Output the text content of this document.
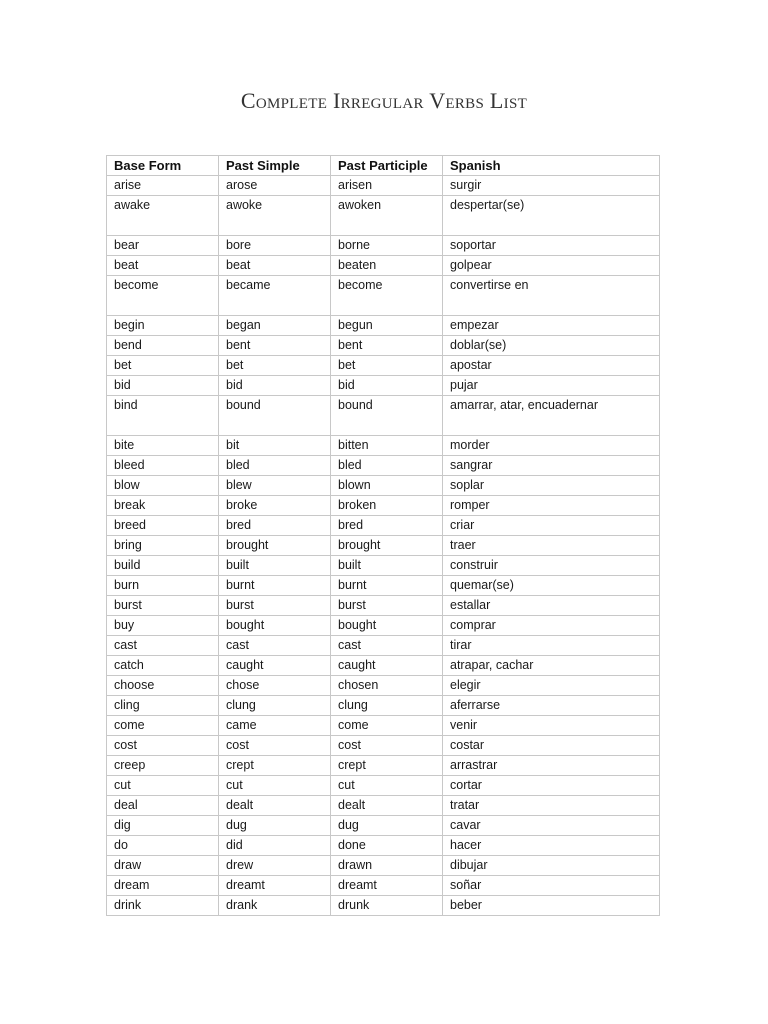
Complete Irregular Verbs List
Base Form	Past Simple	Past Participle	Spanish
arise	arose	arisen	surgir
awake	awoke	awoken	despertar(se)
bear	bore	borne	soportar
beat	beat	beaten	golpear
become	became	become	convertirse en
begin	began	begun	empezar
bend	bent	bent	doblar(se)
bet	bet	bet	apostar
bid	bid	bid	pujar
bind	bound	bound	amarrar, atar, encuadernar
bite	bit	bitten	morder
bleed	bled	bled	sangrar
blow	blew	blown	soplar
break	broke	broken	romper
breed	bred	bred	criar
bring	brought	brought	traer
build	built	built	construir
burn	burnt	burnt	quemar(se)
burst	burst	burst	estallar
buy	bought	bought	comprar
cast	cast	cast	tirar
catch	caught	caught	atrapar, cachar
choose	chose	chosen	elegir
cling	clung	clung	aferrarse
come	came	come	venir
cost	cost	cost	costar
creep	crept	crept	arrastrar
cut	cut	cut	cortar
deal	dealt	dealt	tratar
dig	dug	dug	cavar
do	did	done	hacer
draw	drew	drawn	dibujar
dream	dreamt	dreamt	soñar
drink	drank	drunk	beber
